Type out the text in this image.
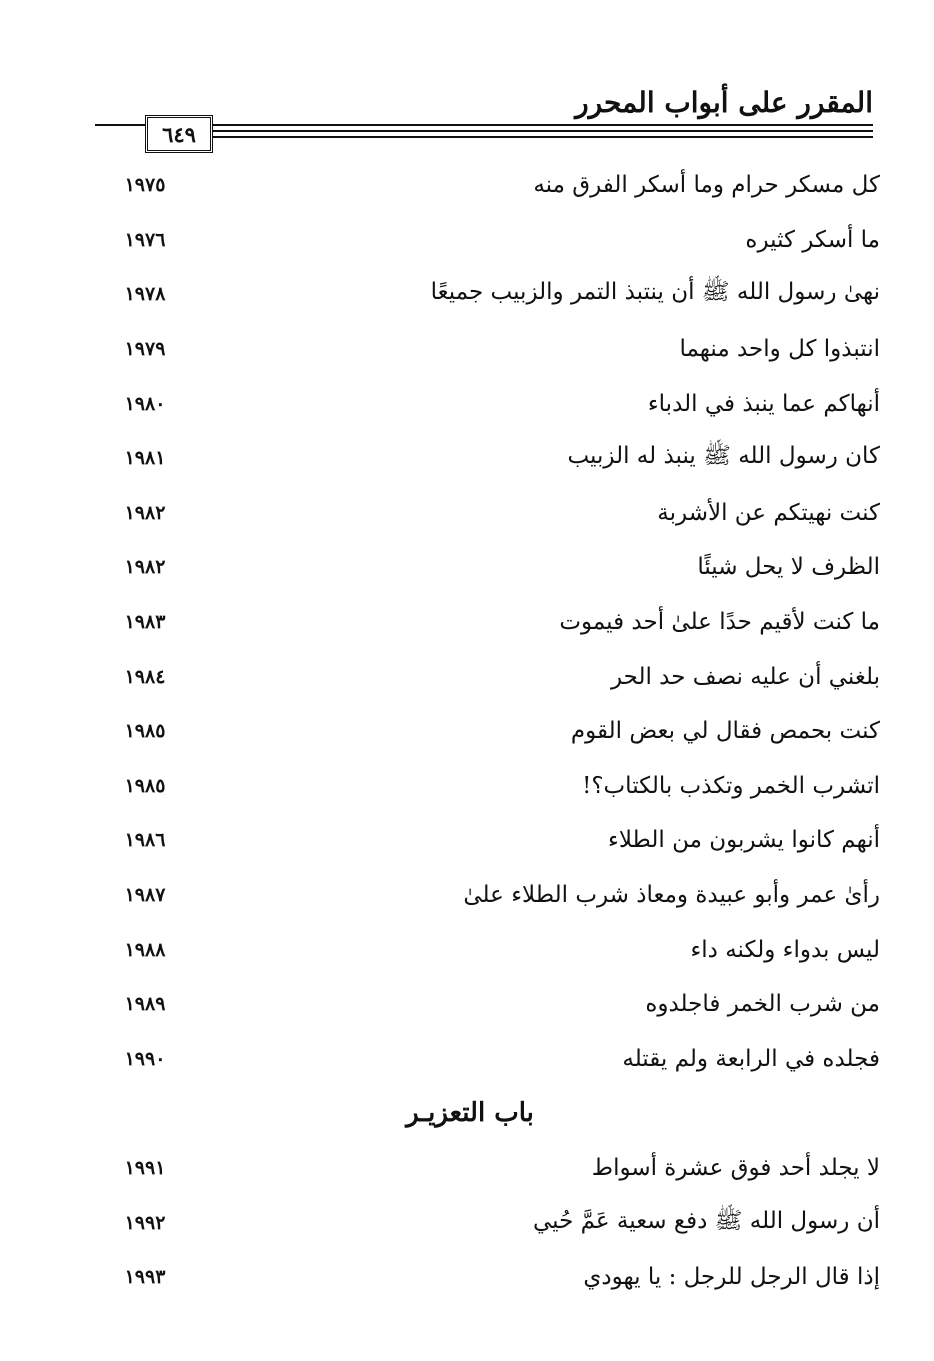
المقرر على أبواب المحرر
٦٤٩
كل مسكر حرام وما أسكر الفرق منه
١٩٧٥
ما أسكر كثيره
١٩٧٦
نهىٰ رسول الله ﷺ أن ينتبذ التمر والزبيب جميعًا
١٩٧٨
انتبذوا كل واحد منهما
١٩٧٩
أنهاكم عما ينبذ في الدباء
١٩٨٠
كان رسول الله ﷺ ينبذ له الزبيب
١٩٨١
كنت نهيتكم عن الأشربة
١٩٨٢
الظرف لا يحل شيئًا
١٩٨٢
ما كنت لأقيم حدًا علىٰ أحد فيموت
١٩٨٣
بلغني أن عليه نصف حد الحر
١٩٨٤
كنت بحمص فقال لي بعض القوم
١٩٨٥
اتشرب الخمر وتكذب بالكتاب؟!
١٩٨٥
أنهم كانوا يشربون من الطلاء
١٩٨٦
رأىٰ عمر وأبو عبيدة ومعاذ شرب الطلاء علىٰ
١٩٨٧
ليس بدواء ولكنه داء
١٩٨٨
من شرب الخمر فاجلدوه
١٩٨٩
فجلده في الرابعة ولم يقتله
١٩٩٠
باب التعزيـر
لا يجلد أحد فوق عشرة أسواط
١٩٩١
أن رسول الله ﷺ دفع سعية عَمَّ حُيي
١٩٩٢
إذا قال الرجل للرجل : يا يهودي
١٩٩٣
